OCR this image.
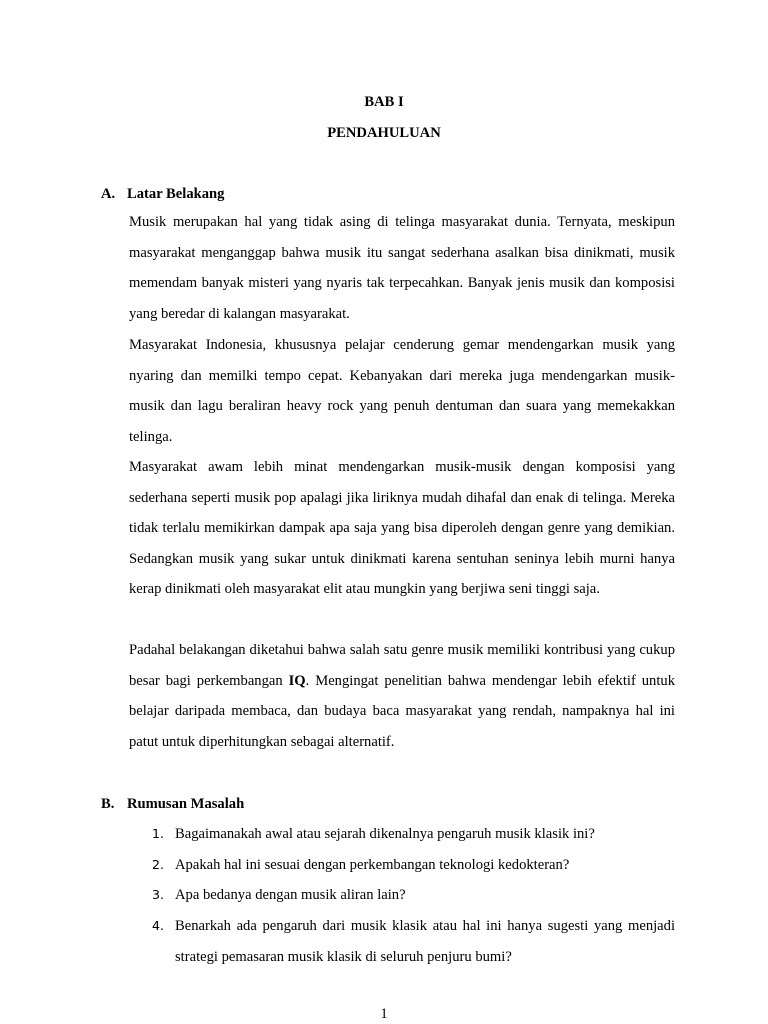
BAB I

PENDAHULUAN

A. Latar Belakang

Musik merupakan hal yang tidak asing di telinga masyarakat dunia. Ternyata, meskipun masyarakat menganggap bahwa musik itu sangat sederhana asalkan bisa dinikmati, musik memendam banyak misteri yang nyaris tak terpecahkan. Banyak jenis musik dan komposisi yang beredar di kalangan masyarakat.

Masyarakat Indonesia, khususnya pelajar cenderung gemar mendengarkan musik yang nyaring dan memilki tempo cepat. Kebanyakan dari mereka juga mendengarkan musik-musik dan lagu beraliran heavy rock yang penuh dentuman dan suara yang memekakkan telinga.

Masyarakat awam lebih minat mendengarkan musik-musik dengan komposisi yang sederhana seperti musik pop apalagi jika liriknya mudah dihafal dan enak di telinga. Mereka tidak terlalu memikirkan dampak apa saja yang bisa diperoleh dengan genre yang demikian. Sedangkan musik yang sukar untuk dinikmati karena sentuhan seninya lebih murni hanya kerap dinikmati oleh masyarakat elit atau mungkin yang berjiwa seni tinggi saja.

Padahal belakangan diketahui bahwa salah satu genre musik memiliki kontribusi yang cukup besar bagi perkembangan IQ. Mengingat penelitian bahwa mendengar lebih efektif untuk belajar daripada membaca, dan budaya baca masyarakat yang rendah, nampaknya hal ini patut untuk diperhitungkan sebagai alternatif.

B. Rumusan Masalah

1. Bagaimanakah awal atau sejarah dikenalnya pengaruh musik klasik ini?
2. Apakah hal ini sesuai dengan perkembangan teknologi kedokteran?
3. Apa bedanya dengan musik aliran lain?
4. Benarkah ada pengaruh dari musik klasik atau hal ini hanya sugesti yang menjadi strategi pemasaran musik klasik di seluruh penjuru bumi?
1
